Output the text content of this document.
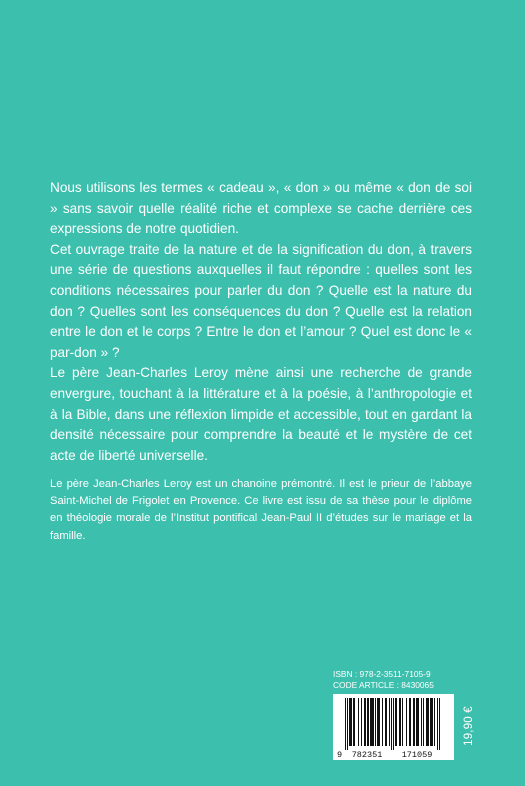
Nous utilisons les termes « cadeau », « don » ou même « don de soi » sans savoir quelle réalité riche et complexe se cache derrière ces expressions de notre quotidien.

Cet ouvrage traite de la nature et de la signification du don, à travers une série de questions auxquelles il faut répondre : quelles sont les conditions nécessaires pour parler du don ? Quelle est la nature du don ? Quelles sont les conséquences du don ? Quelle est la relation entre le don et le corps ? Entre le don et l’amour ? Quel est donc le « par-don » ?

Le père Jean-Charles Leroy mène ainsi une recherche de grande envergure, touchant à la littérature et à la poésie, à l’anthropologie et à la Bible, dans une réflexion limpide et accessible, tout en gardant la densité nécessaire pour comprendre la beauté et le mystère de cet acte de liberté universelle.

Le père Jean-Charles Leroy est un chanoine prémontré. Il est le prieur de l’abbaye Saint-Michel de Frigolet en Provence. Ce livre est issu de sa thèse pour le diplôme en théologie morale de l’Institut pontifical Jean-Paul II d’études sur le mariage et la famille.
ISBN : 978-2-3511-7105-9
CODE ARTICLE : 8430065
9 782351 171059
19,90 €
